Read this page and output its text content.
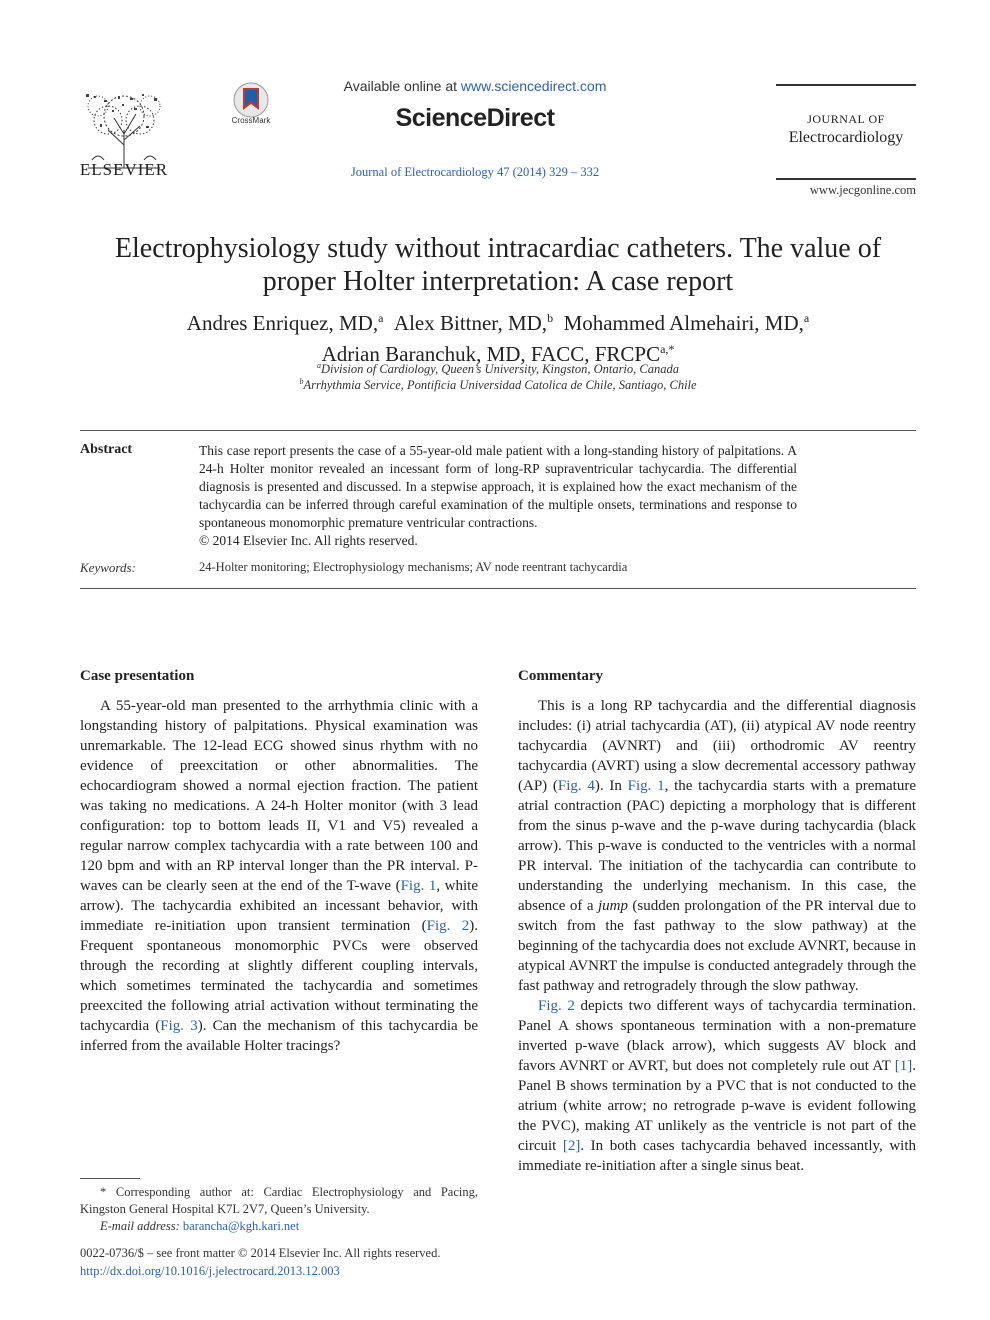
ELSEVIER
CrossMark
Available online at www.sciencedirect.com
ScienceDirect
Journal of Electrocardiology 47 (2014) 329 – 332
JOURNAL OF
Electrocardiology
www.jecgonline.com
Electrophysiology study without intracardiac catheters. The value of
proper Holter interpretation: A case report
Andres Enriquez, MD,$^a$ Alex Bittner, MD,$^b$ Mohammed Almehairi, MD,$^a$
Adrian Baranchuk, MD, FACC, $FRCPC^{a,*}$
$^a$Division of Cardiology, Queen’s University, Kingston, Ontario, Canada
$^b$Arrhythmia Service, Pontificia Universidad Catolica de Chile, Santiago, Chile
Abstract	This case report presents the case of a 55-year-old male patient with a long-standing history of palpitations. A 24-h Holter monitor revealed an incessant form of long-RP supraventricular tachycardia. The differential diagnosis is presented and discussed. In a stepwise approach, it is explained how the exact mechanism of the tachycardia can be inferred through careful examination of the multiple onsets, terminations and response to spontaneous monomorphic premature ventricular contractions.
© 2014 Elsevier Inc. All rights reserved.
Keywords:	24-Holter monitoring; Electrophysiology mechanisms; AV node reentrant tachycardia
Case presentation

A 55-year-old man presented to the arrhythmia clinic with a longstanding history of palpitations. Physical examination was unremarkable. The 12-lead ECG showed sinus rhythm with no evidence of preexcitation or other abnormalities. The echocardiogram showed a normal ejection fraction. The patient was taking no medications. A 24-h Holter monitor (with 3 lead configuration: top to bottom leads II, V1 and V5) revealed a regular narrow complex tachycardia with a rate between 100 and 120 bpm and with an RP interval longer than the PR interval. P-waves can be clearly seen at the end of the T-wave (Fig. 1, white arrow). The tachycardia exhibited an incessant behavior, with immediate re-initiation upon transient termination (Fig. 2). Frequent spontaneous monomorphic PVCs were observed through the recording at slightly different coupling intervals, which sometimes terminated the tachycardia and sometimes preexcited the following atrial activation without terminating the tachycardia (Fig. 3). Can the mechanism of this tachycardia be inferred from the available Holter tracings?

Commentary

This is a long RP tachycardia and the differential diagnosis includes: (i) atrial tachycardia (AT), (ii) atypical AV node reentry tachycardia (AVNRT) and (iii) orthodromic AV reentry tachycardia (AVRT) using a slow decremental accessory pathway (AP) (Fig. 4). In Fig. 1, the tachycardia starts with a premature atrial contraction (PAC) depicting a morphology that is different from the sinus p-wave and the p-wave during tachycardia (black arrow). This p-wave is conducted to the ventricles with a normal PR interval. The initiation of the tachycardia can contribute to understanding the underlying mechanism. In this case, the absence of a jump (sudden prolongation of the PR interval due to switch from the fast pathway to the slow pathway) at the beginning of the tachycardia does not exclude AVNRT, because in atypical AVNRT the impulse is conducted antegradely through the fast pathway and retrogradely through the slow pathway.

Fig. 2 depicts two different ways of tachycardia termination. Panel A shows spontaneous termination with a non-premature inverted p-wave (black arrow), which suggests AV block and favors AVNRT or AVRT, but does not completely rule out AT [1]. Panel B shows termination by a PVC that is not conducted to the atrium (white arrow; no retrograde p-wave is evident following the PVC), making AT unlikely as the ventricle is not part of the circuit [2]. In both cases tachycardia behaved incessantly, with immediate re-initiation after a single sinus beat.

* Corresponding author at: Cardiac Electrophysiology and Pacing, Kingston General Hospital K7L 2V7, Queen’s University.
E-mail address: barancha@kgh.kari.net
0022-0736/$ – see front matter © 2014 Elsevier Inc. All rights reserved.
http://dx.doi.org/10.1016/j.jelectrocard.2013.12.003
